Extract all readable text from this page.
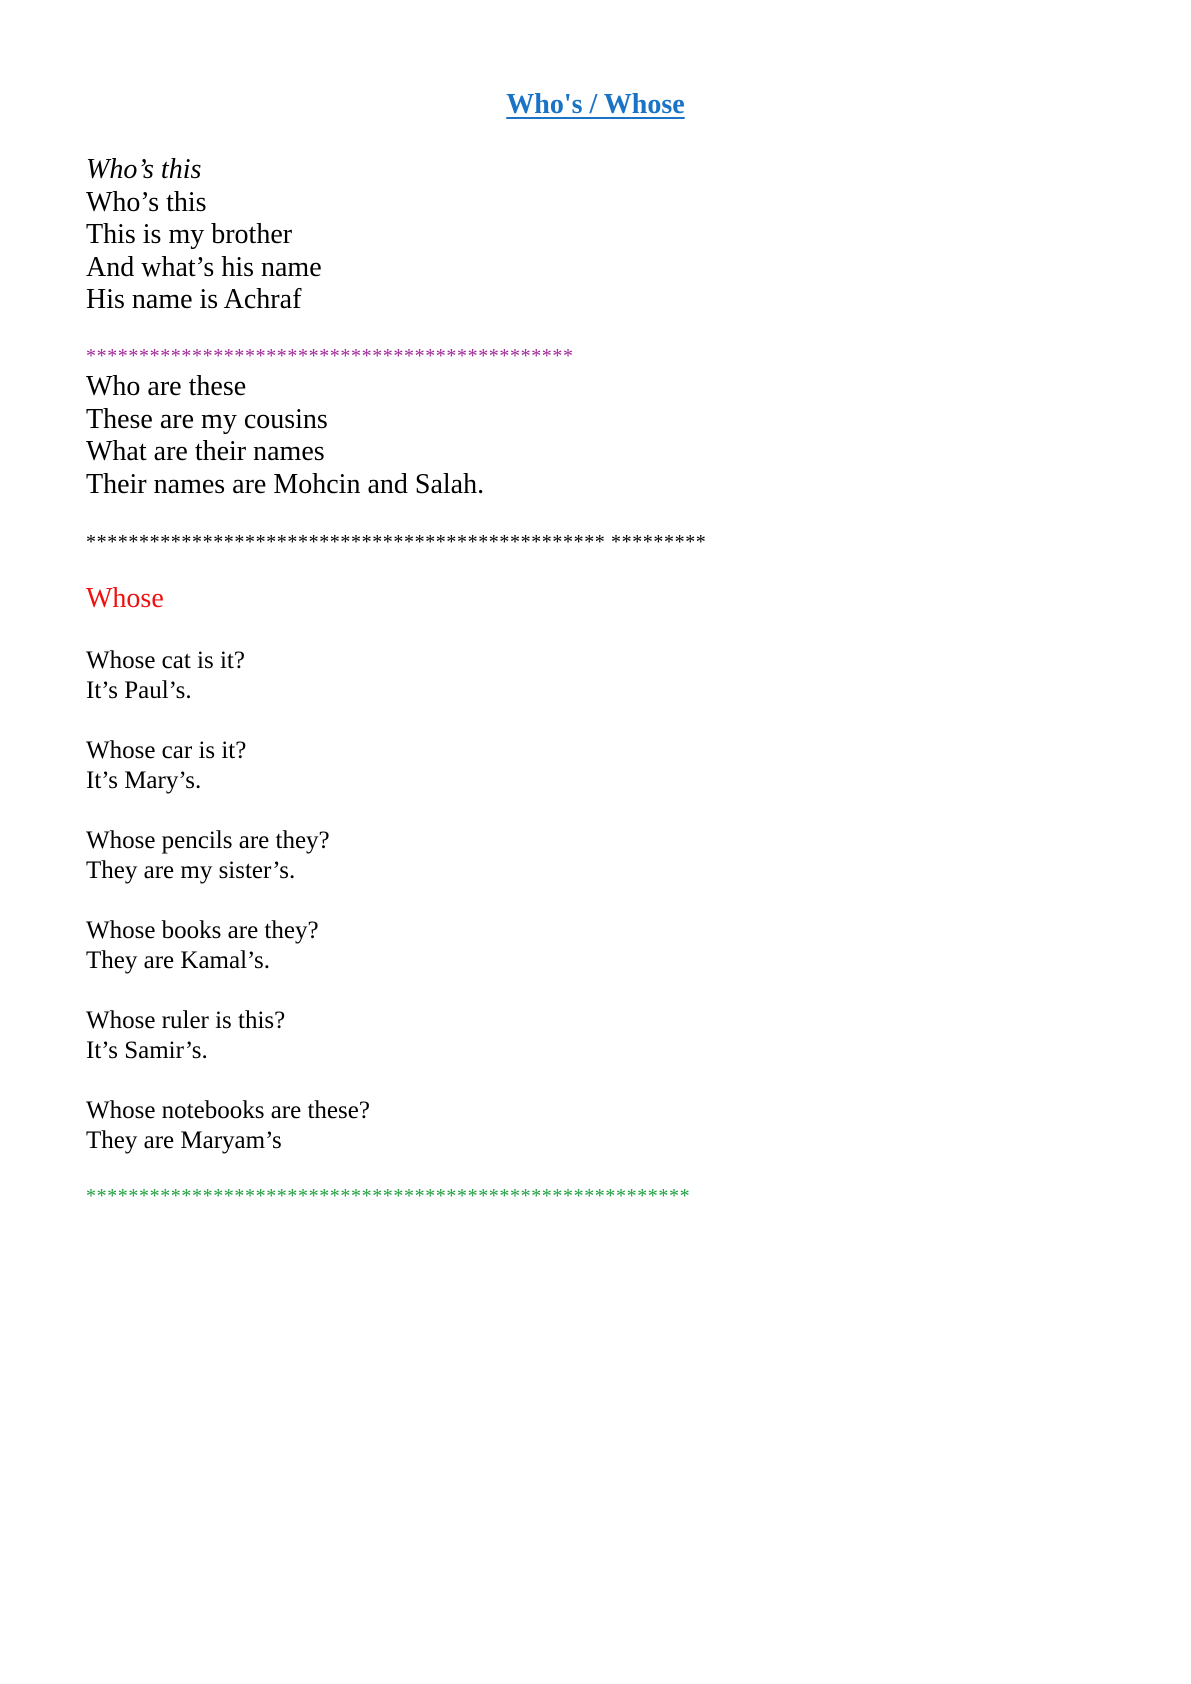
Who's / Whose
Who’s this
Who’s this
This is my brother
And what’s his name
His name is Achraf
**********************************************
Who are these
These are my cousins
What are their names
Their names are Mohcin and Salah.
************************************************* *********
Whose
Whose cat is it?
It’s Paul’s.
Whose car is it?
It’s Mary’s.
Whose pencils are they?
They are my sister’s.
Whose books are they?
They are Kamal’s.
Whose ruler is this?
It’s Samir’s.
Whose notebooks are these?
They are Maryam’s
*********************************************************
